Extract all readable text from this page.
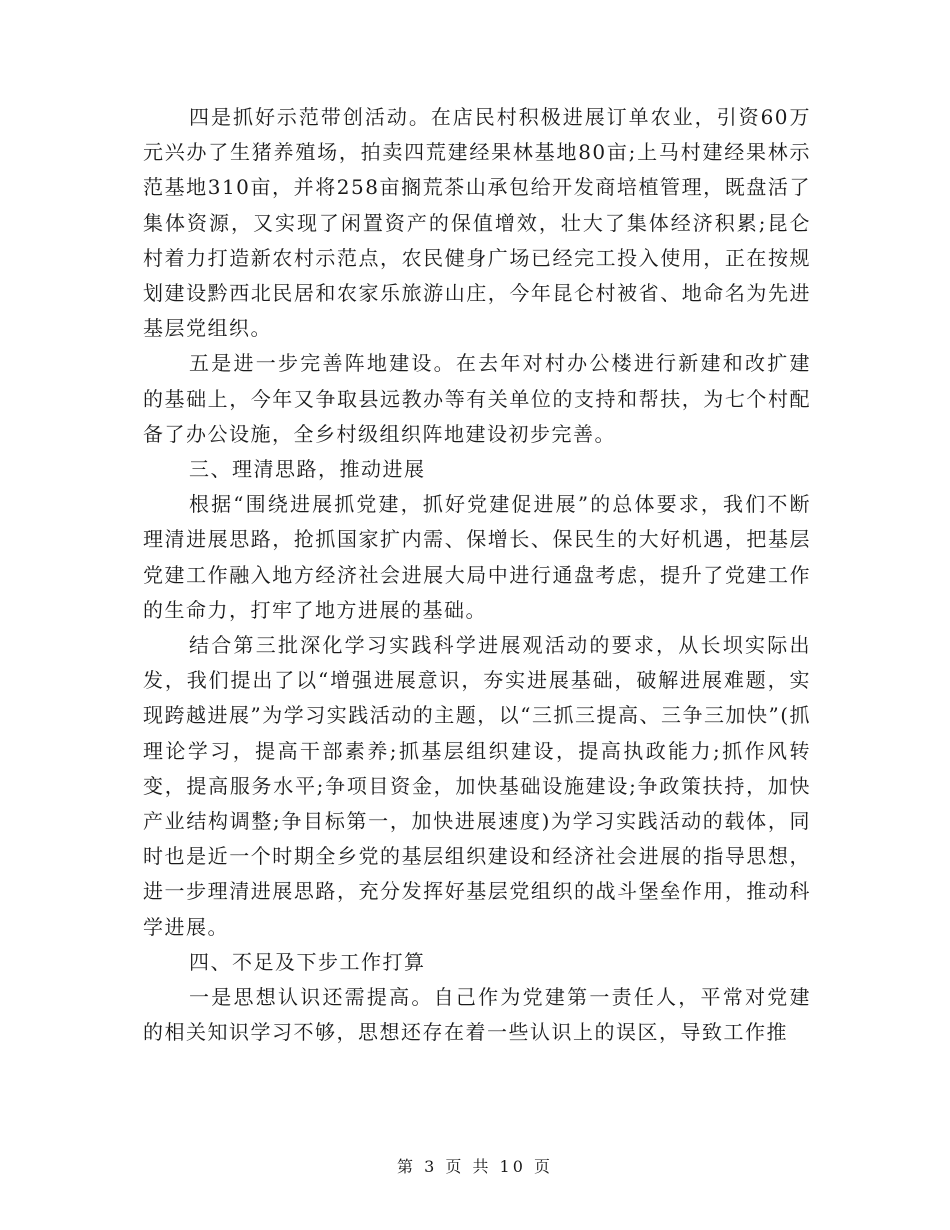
四是抓好示范带创活动。在店民村积极进展订单农业，引资60万元兴办了生猪养殖场，拍卖四荒建经果林基地80亩;上马村建经果林示范基地310亩，并将258亩搁荒茶山承包给开发商培植管理，既盘活了集体资源，又实现了闲置资产的保值增效，壮大了集体经济积累;昆仑村着力打造新农村示范点，农民健身广场已经完工投入使用，正在按规划建设黔西北民居和农家乐旅游山庄，今年昆仑村被省、地命名为先进基层党组织。

五是进一步完善阵地建设。在去年对村办公楼进行新建和改扩建的基础上，今年又争取县远教办等有关单位的支持和帮扶，为七个村配备了办公设施，全乡村级组织阵地建设初步完善。

三、理清思路，推动进展

根据“围绕进展抓党建，抓好党建促进展”的总体要求，我们不断理清进展思路，抢抓国家扩内需、保增长、保民生的大好机遇，把基层党建工作融入地方经济社会进展大局中进行通盘考虑，提升了党建工作的生命力，打牢了地方进展的基础。

结合第三批深化学习实践科学进展观活动的要求，从长坝实际出发，我们提出了以“增强进展意识，夯实进展基础，破解进展难题，实现跨越进展”为学习实践活动的主题，以“三抓三提高、三争三加快”(抓理论学习，提高干部素养;抓基层组织建设，提高执政能力;抓作风转变，提高服务水平;争项目资金，加快基础设施建设;争政策扶持，加快产业结构调整;争目标第一，加快进展速度)为学习实践活动的载体，同时也是近一个时期全乡党的基层组织建设和经济社会进展的指导思想，进一步理清进展思路，充分发挥好基层党组织的战斗堡垒作用，推动科学进展。

四、不足及下步工作打算

一是思想认识还需提高。自己作为党建第一责任人，平常对党建的相关知识学习不够，思想还存在着一些认识上的误区，导致工作推

第 3 页 共 10 页
